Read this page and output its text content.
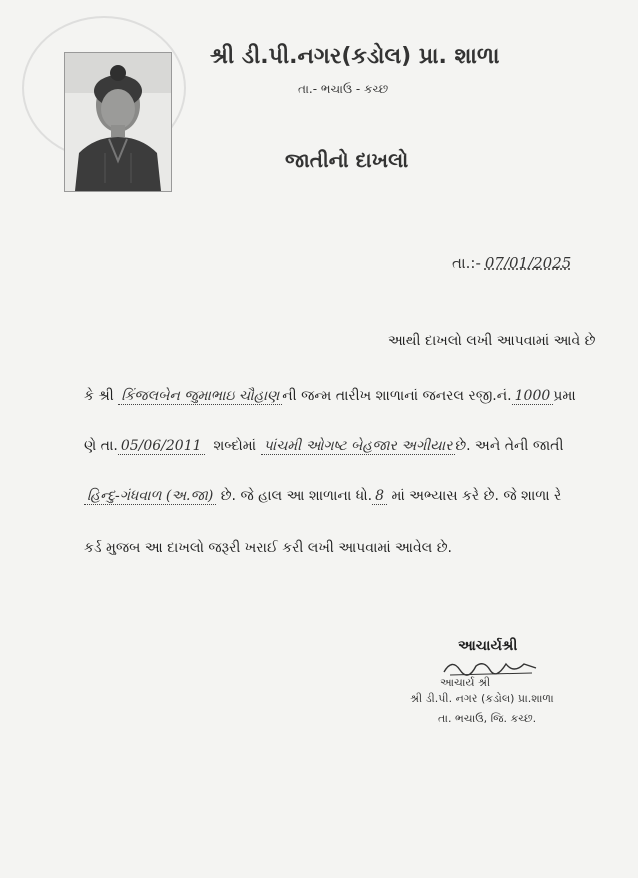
શ્રી ડી.પી.નગર(કડોલ) પ્રા. શાળા
તા.- ભચાઉ - કચ્છ
જાતીનો દાખલો
તા.:- 07/01/2025
આથી દાખલો લખી આપવામાં આવે છે
કે શ્રી કિંજલબેન જુમાભાઇ ચૌહાણ ની જન્મ તારીખ શાળાનાં જનરલ રજી.નં. 1000 પ્રમા
ણે તા. 05/06/2011 શબ્દોમાં પાંચમી ઓગષ્ટ બેહજાર અગીયાર છે. અને તેની જાતી
હિન્દુ-ગંધવાળ (અ.જા) છે. જે હાલ આ શાળાના ધો. 8 માં અભ્યાસ કરે છે. જે શાળા રે
કર્ડ મુજબ આ દાખલો જરૂરી ખરાઈ કરી લખી આપવામાં આવેલ છે.
આચાર્યશ્રી
આચાર્ય શ્રી
શ્રી ડી.પી. નગર (કડોલ) પ્રા.શાળા
તા. ભચાઉ, જિ. કચ્છ.
